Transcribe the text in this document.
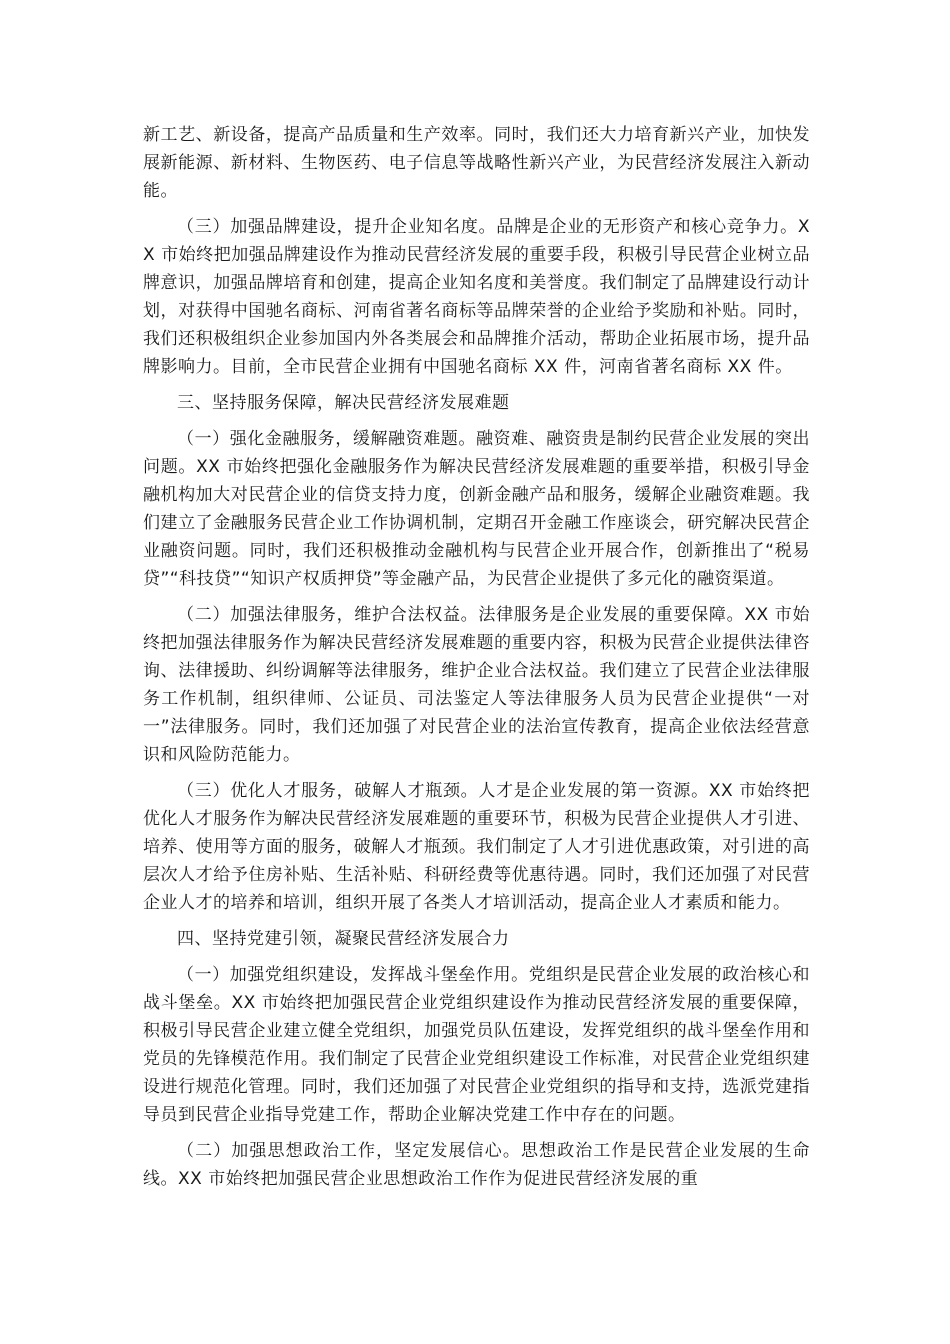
新工艺、新设备，提高产品质量和生产效率。同时，我们还大力培育新兴产业，加快发展新能源、新材料、生物医药、电子信息等战略性新兴产业，为民营经济发展注入新动能。

（三）加强品牌建设，提升企业知名度。品牌是企业的无形资产和核心竞争力。XX 市始终把加强品牌建设作为推动民营经济发展的重要手段，积极引导民营企业树立品牌意识，加强品牌培育和创建，提高企业知名度和美誉度。我们制定了品牌建设行动计划，对获得中国驰名商标、河南省著名商标等品牌荣誉的企业给予奖励和补贴。同时，我们还积极组织企业参加国内外各类展会和品牌推介活动，帮助企业拓展市场，提升品牌影响力。目前，全市民营企业拥有中国驰名商标 XX 件，河南省著名商标 XX 件。

三、坚持服务保障，解决民营经济发展难题

（一）强化金融服务，缓解融资难题。融资难、融资贵是制约民营企业发展的突出问题。XX 市始终把强化金融服务作为解决民营经济发展难题的重要举措，积极引导金融机构加大对民营企业的信贷支持力度，创新金融产品和服务，缓解企业融资难题。我们建立了金融服务民营企业工作协调机制，定期召开金融工作座谈会，研究解决民营企业融资问题。同时，我们还积极推动金融机构与民营企业开展合作，创新推出了“税易贷”“科技贷”“知识产权质押贷”等金融产品，为民营企业提供了多元化的融资渠道。

（二）加强法律服务，维护合法权益。法律服务是企业发展的重要保障。XX 市始终把加强法律服务作为解决民营经济发展难题的重要内容，积极为民营企业提供法律咨询、法律援助、纠纷调解等法律服务，维护企业合法权益。我们建立了民营企业法律服务工作机制，组织律师、公证员、司法鉴定人等法律服务人员为民营企业提供“一对一”法律服务。同时，我们还加强了对民营企业的法治宣传教育，提高企业依法经营意识和风险防范能力。

（三）优化人才服务，破解人才瓶颈。人才是企业发展的第一资源。XX 市始终把优化人才服务作为解决民营经济发展难题的重要环节，积极为民营企业提供人才引进、培养、使用等方面的服务，破解人才瓶颈。我们制定了人才引进优惠政策，对引进的高层次人才给予住房补贴、生活补贴、科研经费等优惠待遇。同时，我们还加强了对民营企业人才的培养和培训，组织开展了各类人才培训活动，提高企业人才素质和能力。

四、坚持党建引领，凝聚民营经济发展合力

（一）加强党组织建设，发挥战斗堡垒作用。党组织是民营企业发展的政治核心和战斗堡垒。XX 市始终把加强民营企业党组织建设作为推动民营经济发展的重要保障，积极引导民营企业建立健全党组织，加强党员队伍建设，发挥党组织的战斗堡垒作用和党员的先锋模范作用。我们制定了民营企业党组织建设工作标准，对民营企业党组织建设进行规范化管理。同时，我们还加强了对民营企业党组织的指导和支持，选派党建指导员到民营企业指导党建工作，帮助企业解决党建工作中存在的问题。

（二）加强思想政治工作，坚定发展信心。思想政治工作是民营企业发展的生命线。XX 市始终把加强民营企业思想政治工作作为促进民营经济发展的重
